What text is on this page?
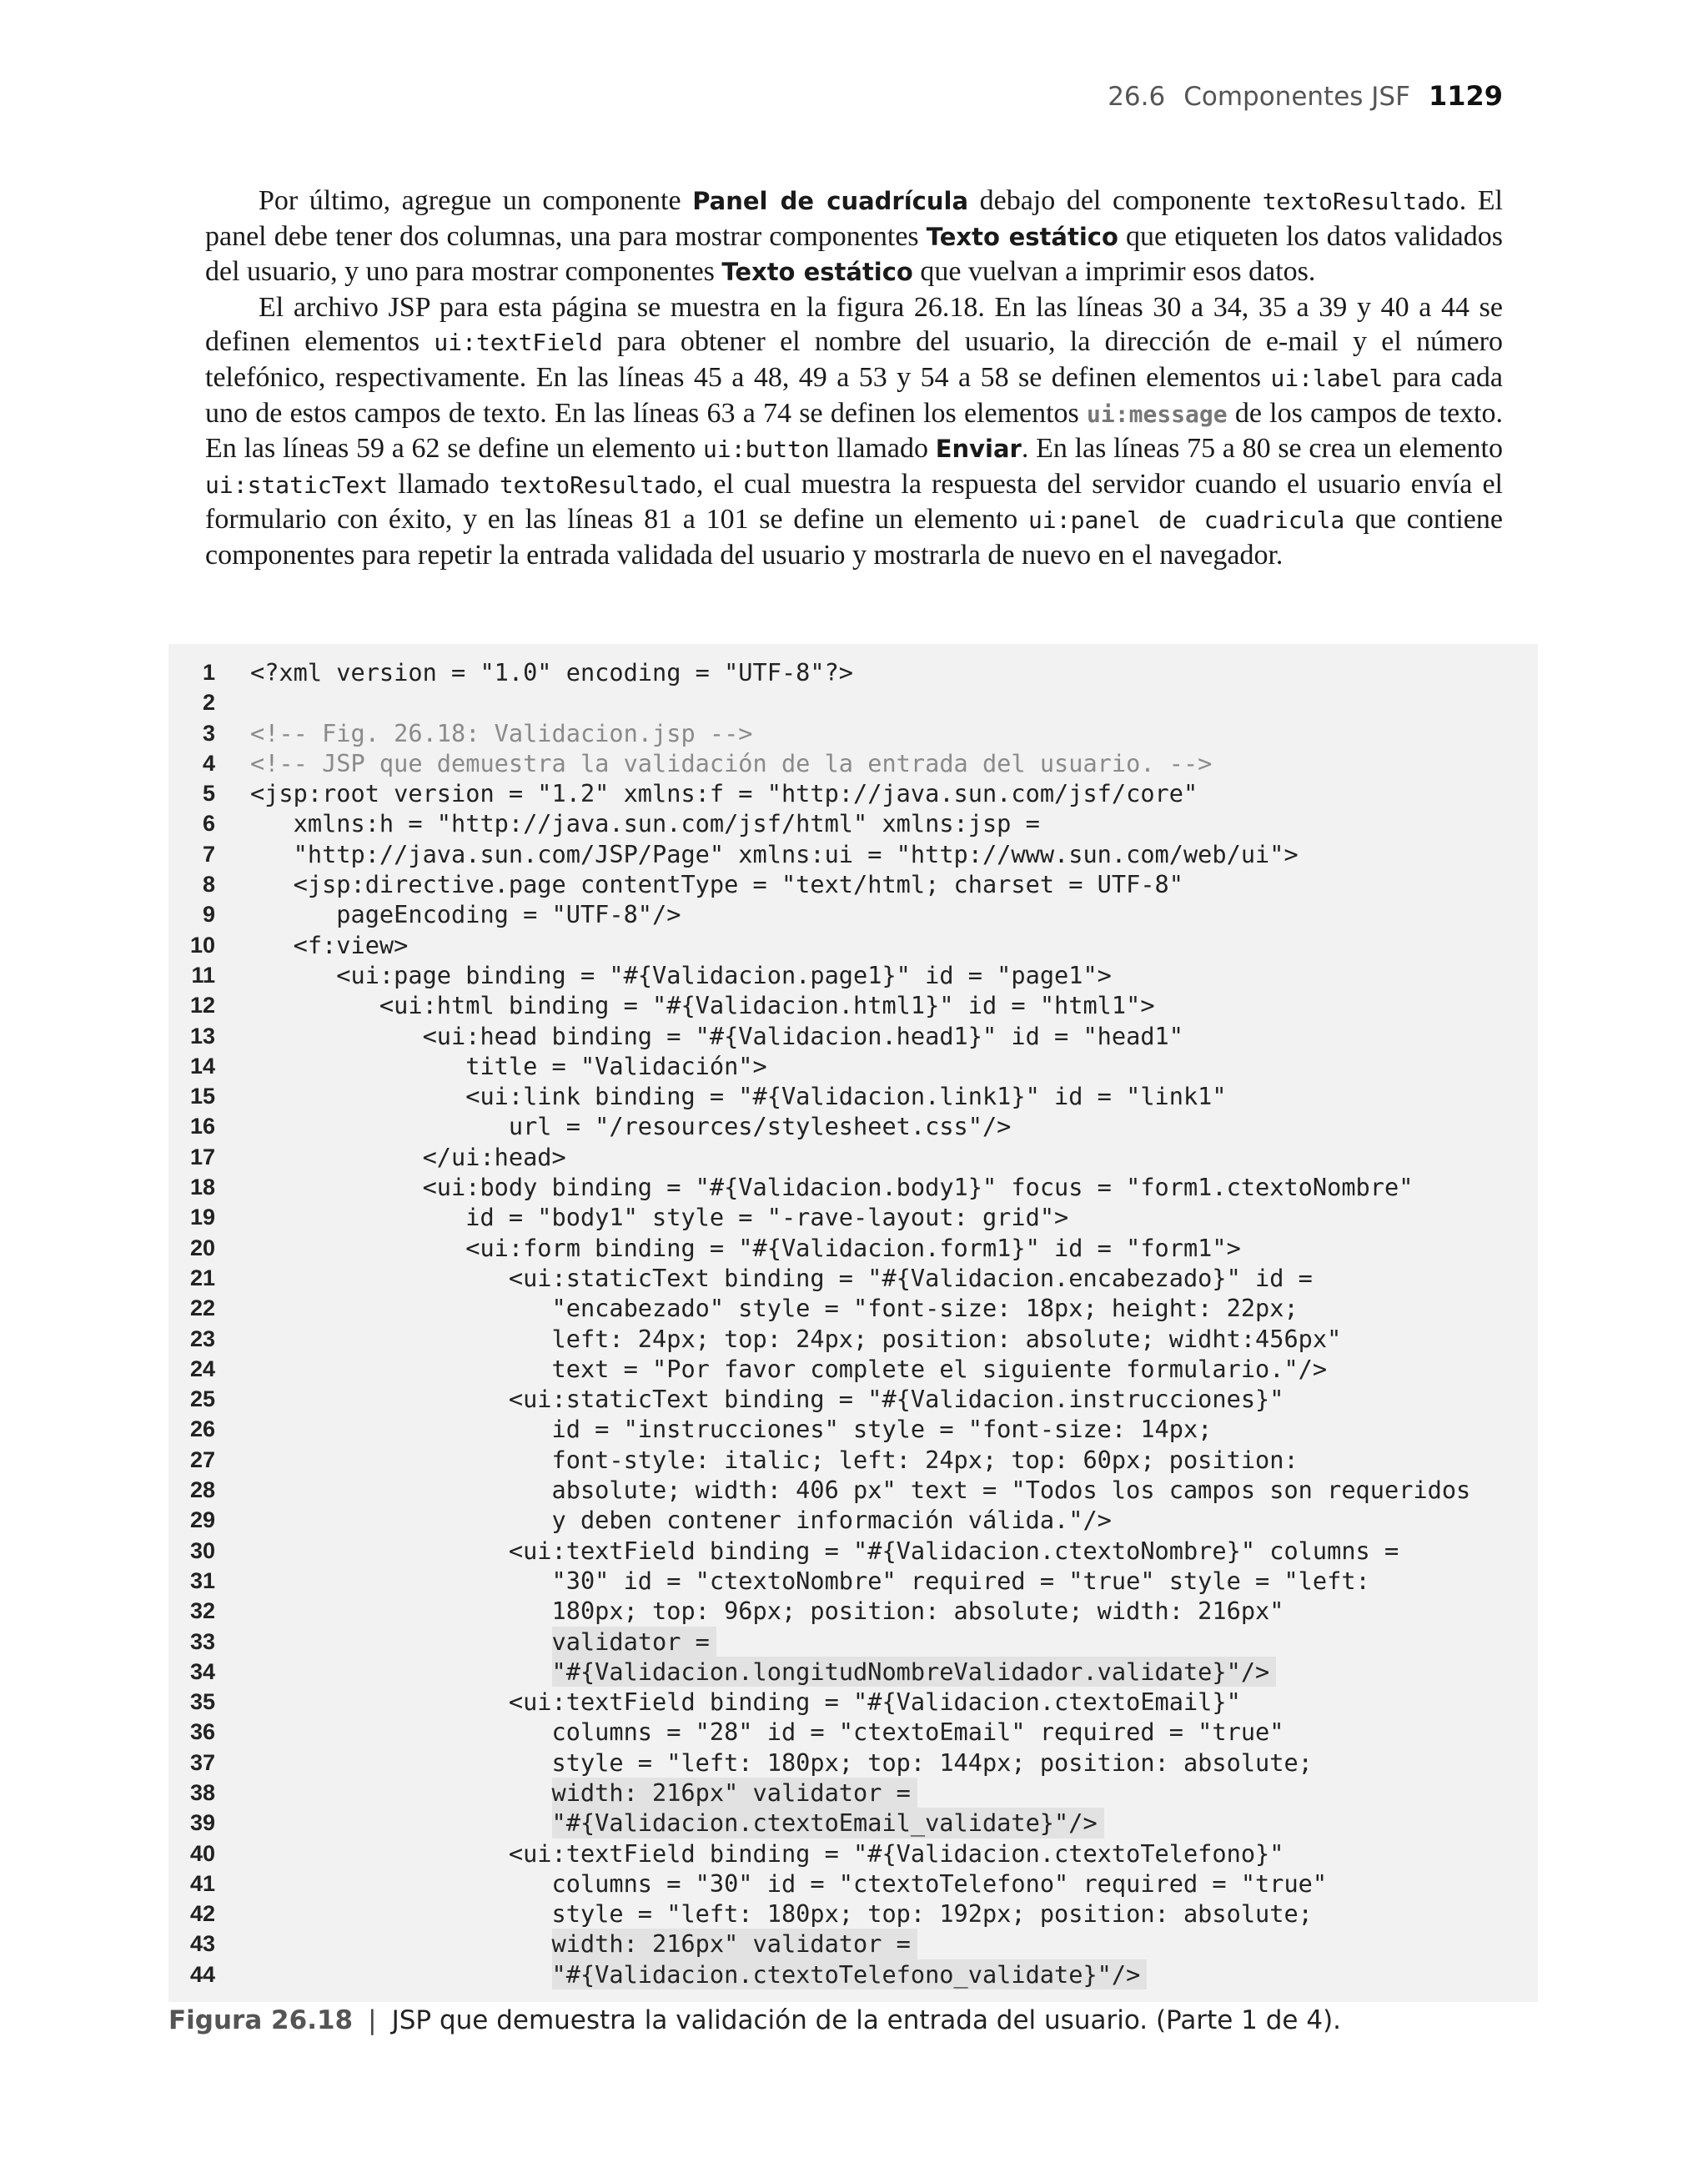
26.6 Componentes JSF 1129

Por último, agregue un componente Panel de cuadrícula debajo del componente textoResultado. El panel debe tener dos columnas, una para mostrar componentes Texto estático que etiqueten los datos validados del usuario, y uno para mostrar componentes Texto estático que vuelvan a imprimir esos datos.

El archivo JSP para esta página se muestra en la figura 26.18. En las líneas 30 a 34, 35 a 39 y 40 a 44 se definen elementos ui:textField para obtener el nombre del usuario, la dirección de e-mail y el número telefónico, respectivamente. En las líneas 45 a 48, 49 a 53 y 54 a 58 se definen elementos ui:label para cada uno de estos campos de texto. En las líneas 63 a 74 se definen los elementos ui:message de los campos de texto. En las líneas 59 a 62 se define un elemento ui:button llamado Enviar. En las líneas 75 a 80 se crea un elemento ui:staticText llamado textoResultado, el cual muestra la respuesta del servidor cuando el usuario envía el formulario con éxito, y en las líneas 81 a 101 se define un elemento ui:panel de cuadricula que contiene componentes para repetir la entrada validada del usuario y mostrarla de nuevo en el navegador.

1 <?xml version = "1.0" encoding = "UTF-8"?>
2
3 <!-- Fig. 26.18: Validacion.jsp -->
4 <!-- JSP que demuestra la validación de la entrada del usuario. -->
5 <jsp:root version = "1.2" xmlns:f = "http://java.sun.com/jsf/core"
6 xmlns:h = "http://java.sun.com/jsf/html" xmlns:jsp =
7 "http://java.sun.com/JSP/Page" xmlns:ui = "http://www.sun.com/web/ui">
8 <jsp:directive.page contentType = "text/html; charset = UTF-8"
9 pageEncoding = "UTF-8"/>
10 <f:view>
11 <ui:page binding = "#{Validacion.page1}" id = "page1">
12 <ui:html binding = "#{Validacion.html1}" id = "html1">
13 <ui:head binding = "#{Validacion.head1}" id = "head1"
14 title = "Validación">
15 <ui:link binding = "#{Validacion.link1}" id = "link1"
16 url = "/resources/stylesheet.css"/>
17 </ui:head>
18 <ui:body binding = "#{Validacion.body1}" focus = "form1.ctextoNombre"
19 id = "body1" style = "-rave-layout: grid">
20 <ui:form binding = "#{Validacion.form1}" id = "form1">
21 <ui:staticText binding = "#{Validacion.encabezado}" id =
22 "encabezado" style = "font-size: 18px; height: 22px;
23 left: 24px; top: 24px; position: absolute; widht:456px"
24 text = "Por favor complete el siguiente formulario."/>
25 <ui:staticText binding = "#{Validacion.instrucciones}"
26 id = "instrucciones" style = "font-size: 14px;
27 font-style: italic; left: 24px; top: 60px; position:
28 absolute; width: 406 px" text = "Todos los campos son requeridos
29 y deben contener información válida."/>
30 <ui:textField binding = "#{Validacion.ctextoNombre}" columns =
31 "30" id = "ctextoNombre" required = "true" style = "left:
32 180px; top: 96px; position: absolute; width: 216px"
33
	validator =
34
	"#{Validacion.longitudNombreValidador.validate}"/>
35 <ui:textField binding = "#{Validacion.ctextoEmail}"
36 columns = "28" id = "ctextoEmail" required = "true"
37 style = "left: 180px; top: 144px; position: absolute;
38
	width: 216px" validator =
39
	"#{Validacion.ctextoEmail_validate}"/>
40 <ui:textField binding = "#{Validacion.ctextoTelefono}"
41 columns = "30" id = "ctextoTelefono" required = "true"
42 style = "left: 180px; top: 192px; position: absolute;
43
	width: 216px" validator =
44
	"#{Validacion.ctextoTelefono_validate}"/>
Figura 26.18 | JSP que demuestra la validación de la entrada del usuario. (Parte 1 de 4).
